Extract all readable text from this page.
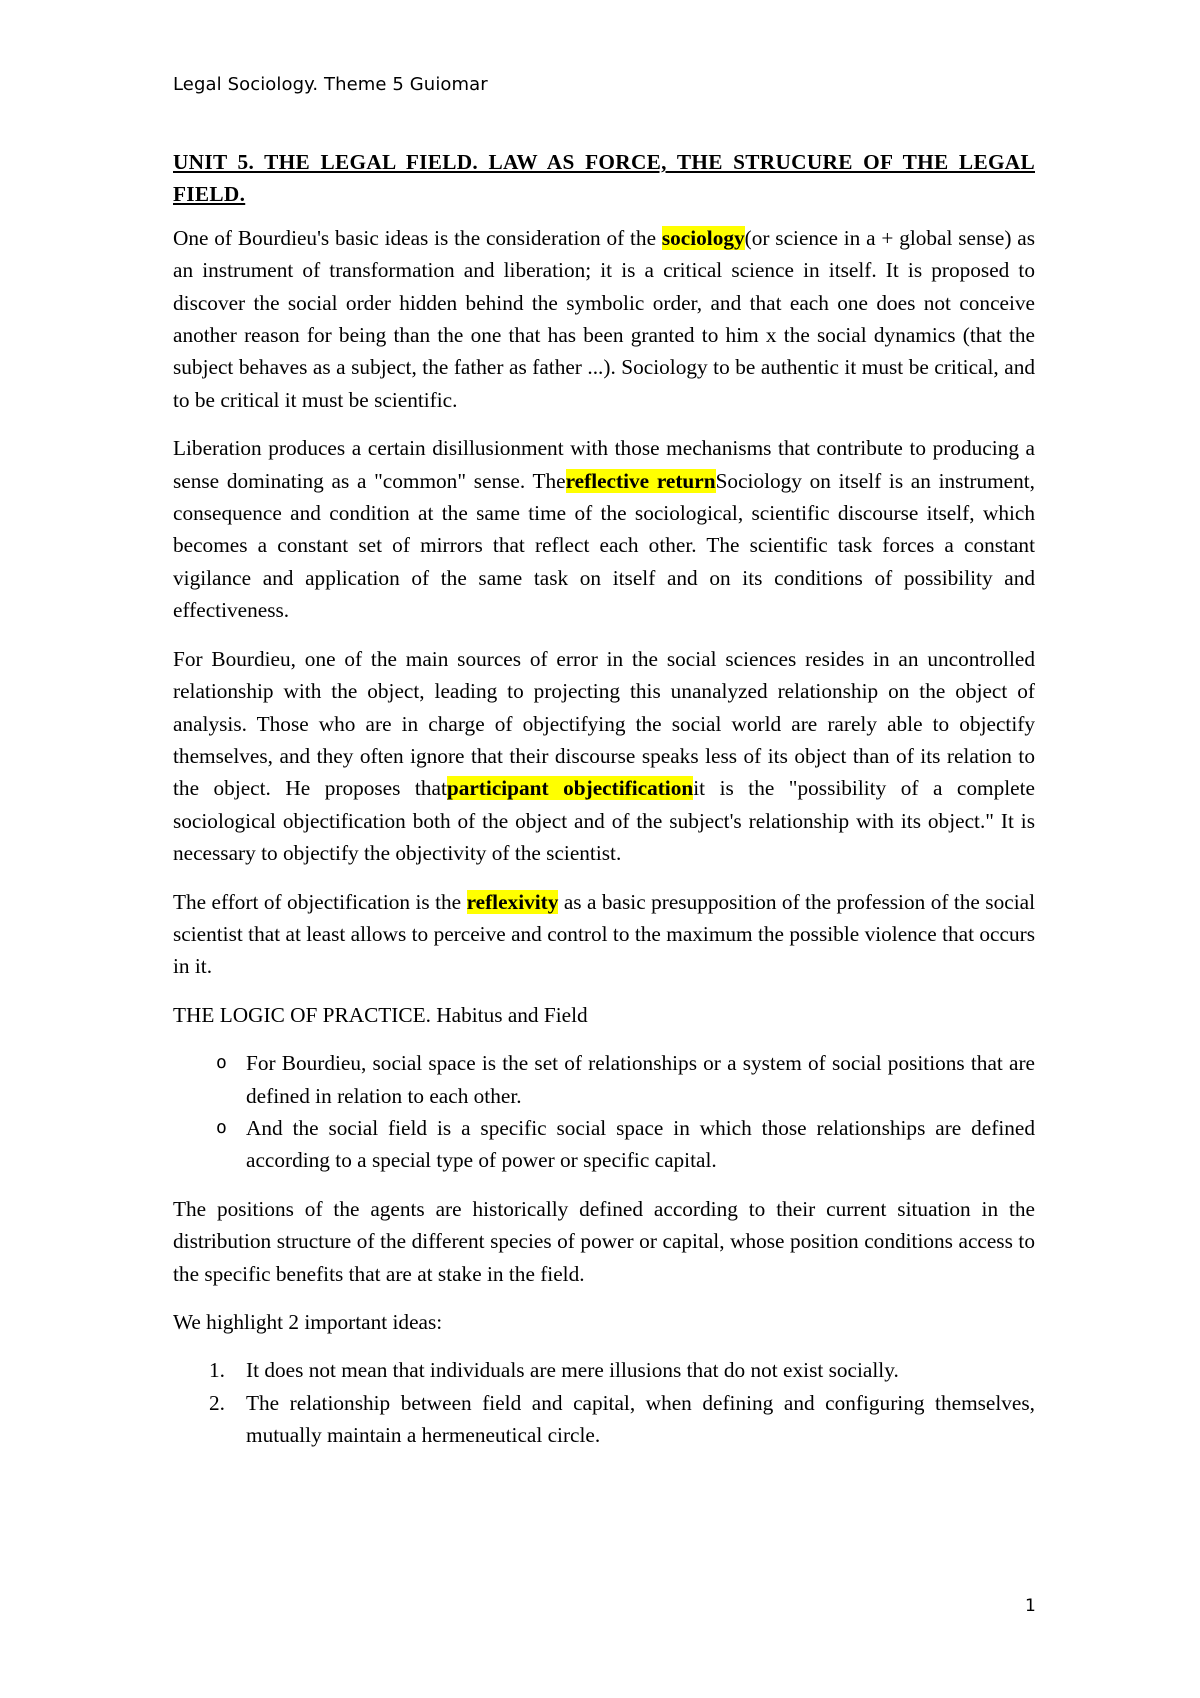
Legal Sociology. Theme 5 Guiomar
UNIT 5. THE LEGAL FIELD. LAW AS FORCE, THE STRUCURE OF THE LEGAL FIELD.

One of Bourdieu's basic ideas is the consideration of the sociology(or science in a + global sense) as an instrument of transformation and liberation; it is a critical science in itself. It is proposed to discover the social order hidden behind the symbolic order, and that each one does not conceive another reason for being than the one that has been granted to him x the social dynamics (that the subject behaves as a subject, the father as father ...). Sociology to be authentic it must be critical, and to be critical it must be scientific.

Liberation produces a certain disillusionment with those mechanisms that contribute to producing a sense dominating as a "common" sense. Thereflective returnSociology on itself is an instrument, consequence and condition at the same time of the sociological, scientific discourse itself, which becomes a constant set of mirrors that reflect each other. The scientific task forces a constant vigilance and application of the same task on itself and on its conditions of possibility and effectiveness.

For Bourdieu, one of the main sources of error in the social sciences resides in an uncontrolled relationship with the object, leading to projecting this unanalyzed relationship on the object of analysis. Those who are in charge of objectifying the social world are rarely able to objectify themselves, and they often ignore that their discourse speaks less of its object than of its relation to the object. He proposes thatparticipant objectificationit is the "possibility of a complete sociological objectification both of the object and of the subject's relationship with its object." It is necessary to objectify the objectivity of the scientist.

The effort of objectification is the reflexivity as a basic presupposition of the profession of the social scientist that at least allows to perceive and control to the maximum the possible violence that occurs in it.

THE LOGIC OF PRACTICE. Habitus and Field

o For Bourdieu, social space is the set of relationships or a system of social positions that are defined in relation to each other.
o And the social field is a specific social space in which those relationships are defined according to a special type of power or specific capital.

The positions of the agents are historically defined according to their current situation in the distribution structure of the different species of power or capital, whose position conditions access to the specific benefits that are at stake in the field.

We highlight 2 important ideas:

1. It does not mean that individuals are mere illusions that do not exist socially.
2. The relationship between field and capital, when defining and configuring themselves, mutually maintain a hermeneutical circle.
1
